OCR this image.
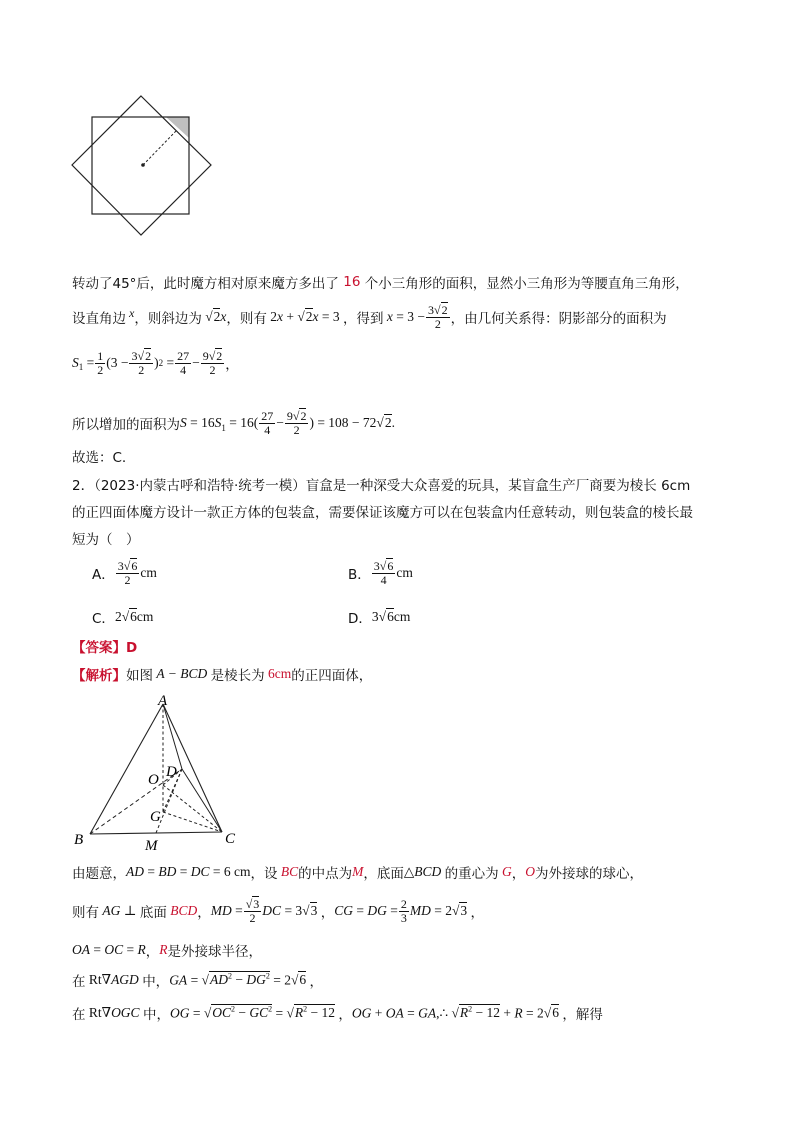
转动了45°后，此时魔方相对原来魔方多出了
16
个小三角形的面积，显然小三角形为等腰直角三角形，
设直角边 x ，则斜边为 √2x ，则有 2x + √2x = 3 ，得到 $x = 3 - \frac{3√2}{2}$ ，由几何关系得：阴影部分的面积为
S $1 = \frac{1}{2} (3 - \frac{3√2}{2}$ ) $2 = \frac{27}{4} - \frac{9√2}{2}$ ，
所以增加的面积为 $S = 16S_1 = 16( \frac{27}{4} - \frac{9√2}{2}$ ) = 108 − 72√2.
故选：C.
2．（2023·内蒙古呼和浩特·统考一模）盲盒是一种深受大众喜爱的玩具，某盲盒生产厂商要为棱长 6cm
的正四面体魔方设计一款正方体的包装盒，需要保证该魔方可以在包装盒内任意转动，则包装盒的棱长最
短为（　）
A． $\frac{3√6}{2}$ cm	B． $\frac{3√6}{4}$ cm
C． 2√6 cm	D． 3√6 cm
【答案】D
【解析】 如图 A − BCD 是棱长为
6cm 的正四面体，
A
B	C
D
O
G
M
由题意， AD = BD = DC = 6 cm ，设 BC 的中点为 M ，底面 △BCD 的重心为 G ， O 为外接球的球心，
则有 AG ⊥ 底面 BCD ， MD = $\frac{√3}{2}$ DC = 3√3 ， CG = DG = $\frac{2}{3}$ MD = 2√3 ，
OA = OC = R ， R 是外接球半径，
在 Rt∇AGD 中， GA = $√AD^2 - DG^2 = 2√6$ ，
在 Rt∇OGC 中， OG = $√OC^2 - GC^2 = √R^2 - 12$ ， OG + OA = GA,∴ $√R^2 - 12 + R = 2√6$ ，解得
